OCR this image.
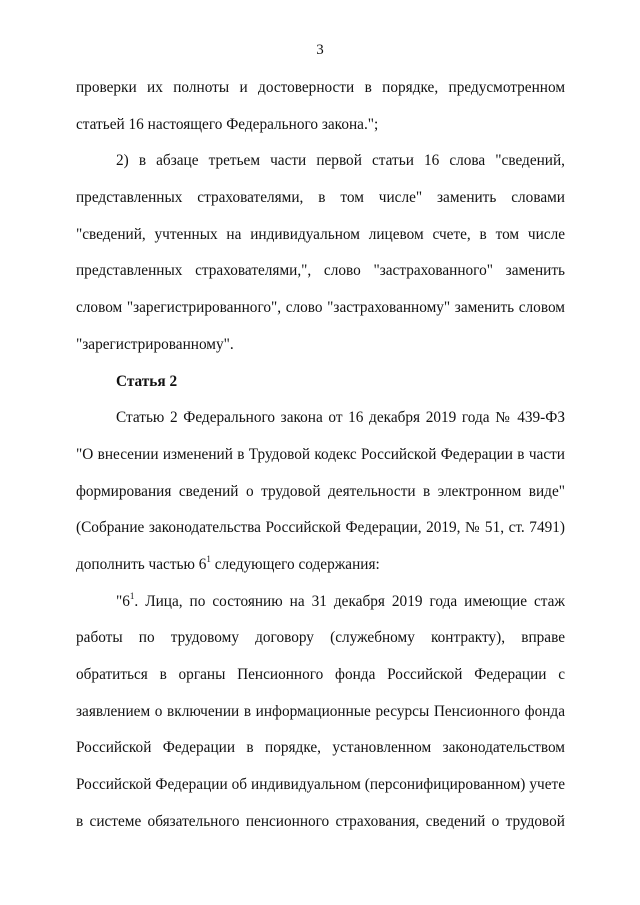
3

проверки их полноты и достоверности в порядке, предусмотренном
статьей 16 настоящего Федерального закона.";

2) в абзаце третьем части первой статьи 16 слова "сведений,
представленных страхователями, в том числе" заменить словами
"сведений, учтенных на индивидуальном лицевом счете, в том числе
представленных страхователями,", слово "застрахованного" заменить
словом "зарегистрированного", слово "застрахованному" заменить словом
"зарегистрированному".

Статья 2

Статью 2 Федерального закона от 16 декабря 2019 года № 439-ФЗ
"О внесении изменений в Трудовой кодекс Российской Федерации в части
формирования сведений о трудовой деятельности в электронном виде"
(Собрание законодательства Российской Федерации, 2019, № 51, ст. 7491)
дополнить частью $6^1$ следующего содержания:

"$6^1$. Лица, по состоянию на 31 декабря 2019 года имеющие стаж
работы по трудовому договору (служебному контракту), вправе
обратиться в органы Пенсионного фонда Российской Федерации с
заявлением о включении в информационные ресурсы Пенсионного фонда
Российской Федерации в порядке, установленном законодательством
Российской Федерации об индивидуальном (персонифицированном) учете
в системе обязательного пенсионного страхования, сведений о трудовой
